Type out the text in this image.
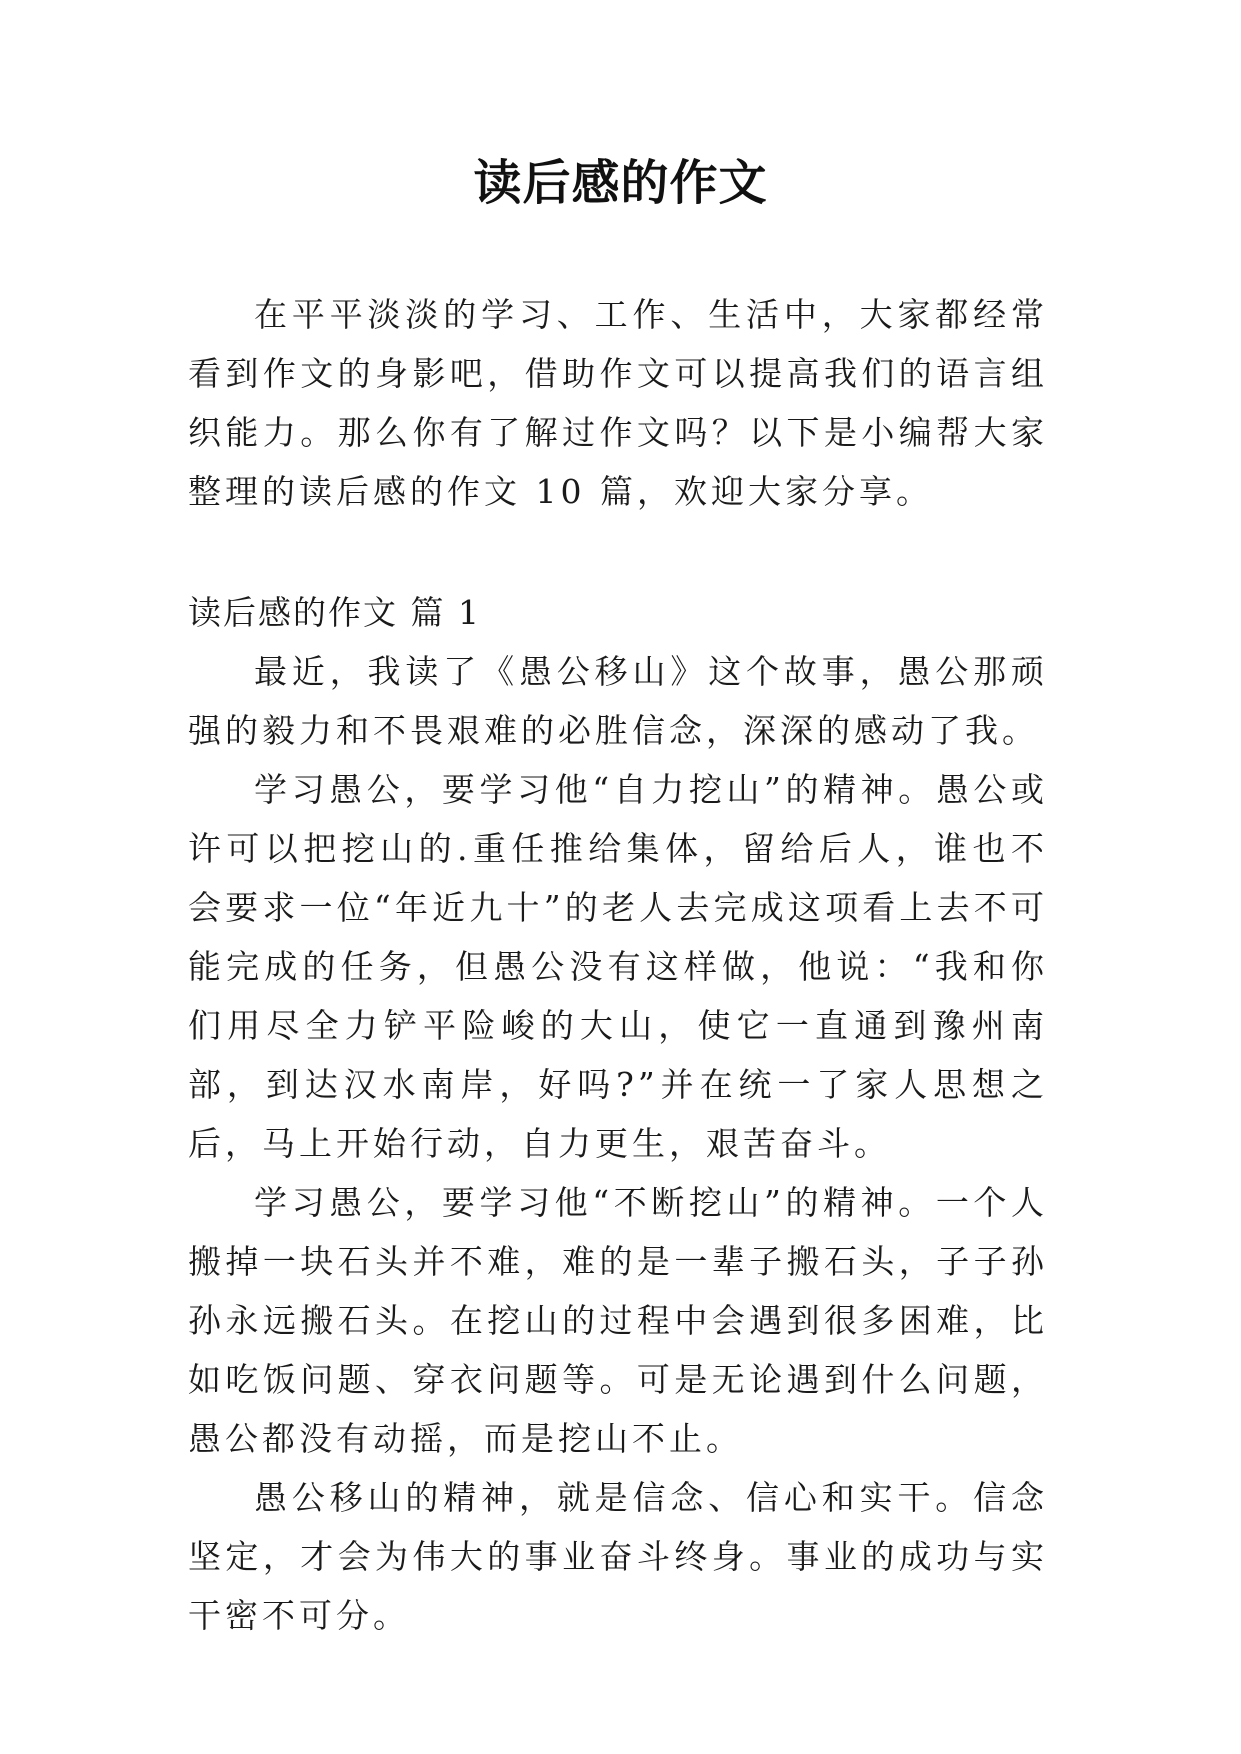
读后感的作文

在平平淡淡的学习、工作、生活中，大家都经常看到作文的身影吧，借助作文可以提高我们的语言组织能力。那么你有了解过作文吗？以下是小编帮大家整理的读后感的作文 10 篇，欢迎大家分享。

读后感的作文 篇 1

最近，我读了《愚公移山》这个故事，愚公那顽强的毅力和不畏艰难的必胜信念，深深的感动了我。

学习愚公，要学习他“自力挖山”的精神。愚公或许可以把挖山的.重任推给集体，留给后人，谁也不会要求一位“年近九十”的老人去完成这项看上去不可能完成的任务，但愚公没有这样做，他说：“我和你们用尽全力铲平险峻的大山，使它一直通到豫州南部，到达汉水南岸，好吗?”并在统一了家人思想之后，马上开始行动，自力更生，艰苦奋斗。

学习愚公，要学习他“不断挖山”的精神。一个人搬掉一块石头并不难，难的是一辈子搬石头，子子孙孙永远搬石头。在挖山的过程中会遇到很多困难，比如吃饭问题、穿衣问题等。可是无论遇到什么问题，愚公都没有动摇，而是挖山不止。

愚公移山的精神，就是信念、信心和实干。信念坚定，才会为伟大的事业奋斗终身。事业的成功与实干密不可分。
